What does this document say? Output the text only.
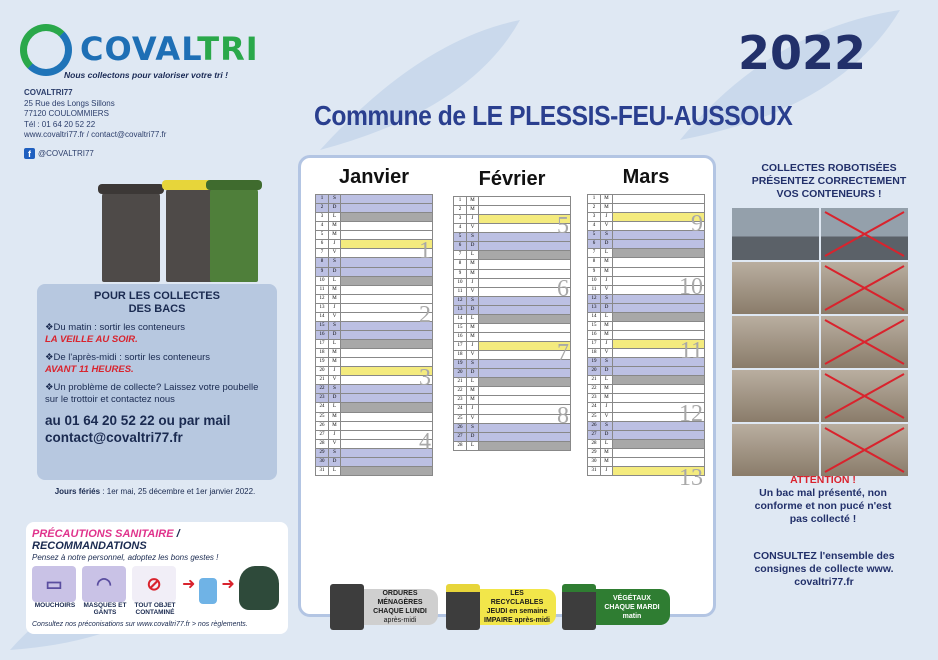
COVALTRI
Nous collectons pour valoriser votre tri !
COVALTRI77
25 Rue des Longs Sillons
77120 COULOMMIERS
Tél : 01 64 20 52 22
www.covaltri77.fr / contact@covaltri77.fr
f @COVALTRI77
POUR LES COLLECTES
DES BACS

❖Du matin : sortir les conteneurs
LA VEILLE AU SOIR.

❖De l'après-midi : sortir les conteneurs
AVANT 11 HEURES.

❖Un problème de collecte? Laissez votre poubelle sur le trottoir et contactez nous

au 01 64 20 52 22 ou par mail
contact@covaltri77.fr
Jours fériés : 1er mai, 25 décembre et 1er janvier 2022.
PRÉCAUTIONS SANITAIRE / RECOMMANDATIONS
Pensez à notre personnel, adoptez les bons gestes !
▭
MOUCHOIRS
◠
MASQUES ET GANTS
⊘
TOUT OBJET CONTAMINÉ
➜ ➜
Consultez nos préconisations sur www.covaltri77.fr > nos règlements.
2022
Commune de LE PLESSIS-FEU-AUSSOUX
Janvier
1	S
2	D
3	L
4	M
5	M
6	J
7	V
8	S
9	D
10	L
11	M
12	M
13	J
14	V
15	S
16	D
17	L
18	M
19	M
20	J
21	V
22	S
23	D
24	L
25	M
26	M
27	J
28	V
29	S
30	D
31	L
1
2
3
4
Février
1	M
2	M
3	J
4	V
5	S
6	D
7	L
8	M
9	M
10	J
11	V
12	S
13	D
14	L
15	M
16	M
17	J
18	V
19	S
20	D
21	L
22	M
23	M
24	J
25	V
26	S
27	D
28	L
5
6
7
8
Mars
1	M
2	M
3	J
4	V
5	S
6	D
7	L
8	M
9	M
10	J
11	V
12	S
13	D
14	L
15	M
16	M
17	J
18	V
19	S
20	D
21	L
22	M
23	M
24	J
25	V
26	S
27	D
28	L
29	M
30	M
31	J
9
10
11
12
13
ORDURES MÉNAGÈRES
CHAQUE LUNDI
après-midi
LES RECYCLABLES
JEUDI en semaine
IMPAIRE après-midi
VÉGÉTAUX
CHAQUE MARDI
matin
COLLECTES ROBOTISÉES
PRÉSENTEZ CORRECTEMENT
VOS CONTENEURS !
ATTENTION !
Un bac mal présenté, non
conforme et non pucé n'est
pas collecté !
CONSULTEZ l'ensemble des
consignes de collecte www.
covaltri77.fr
